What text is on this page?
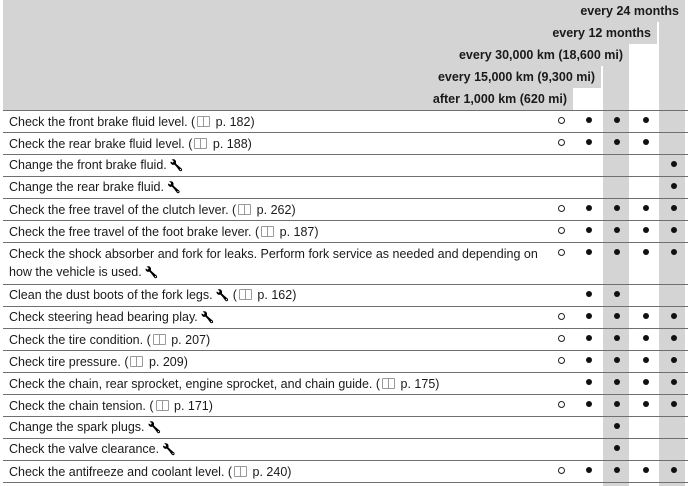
every 24 months
every 12 months
every 30,000 km (18,600 mi)
every 15,000 km (9,300 mi)
after 1,000 km (620 mi)
Check the front brake fluid level. ( p. 182)
Check the rear brake fluid level. ( p. 188)
Change the front brake fluid. 🔧
Change the rear brake fluid. 🔧
Check the free travel of the clutch lever. ( p. 262)
Check the free travel of the foot brake lever. ( p. 187)
Check the shock absorber and fork for leaks. Perform fork service as needed and depending on how the vehicle is used. 🔧
Clean the dust boots of the fork legs. 🔧 ( p. 162)
Check steering head bearing play. 🔧
Check the tire condition. ( p. 207)
Check tire pressure. ( p. 209)
Check the chain, rear sprocket, engine sprocket, and chain guide. ( p. 175)
Check the chain tension. ( p. 171)
Change the spark plugs. 🔧
Check the valve clearance. 🔧
Check the antifreeze and coolant level. ( p. 240)
